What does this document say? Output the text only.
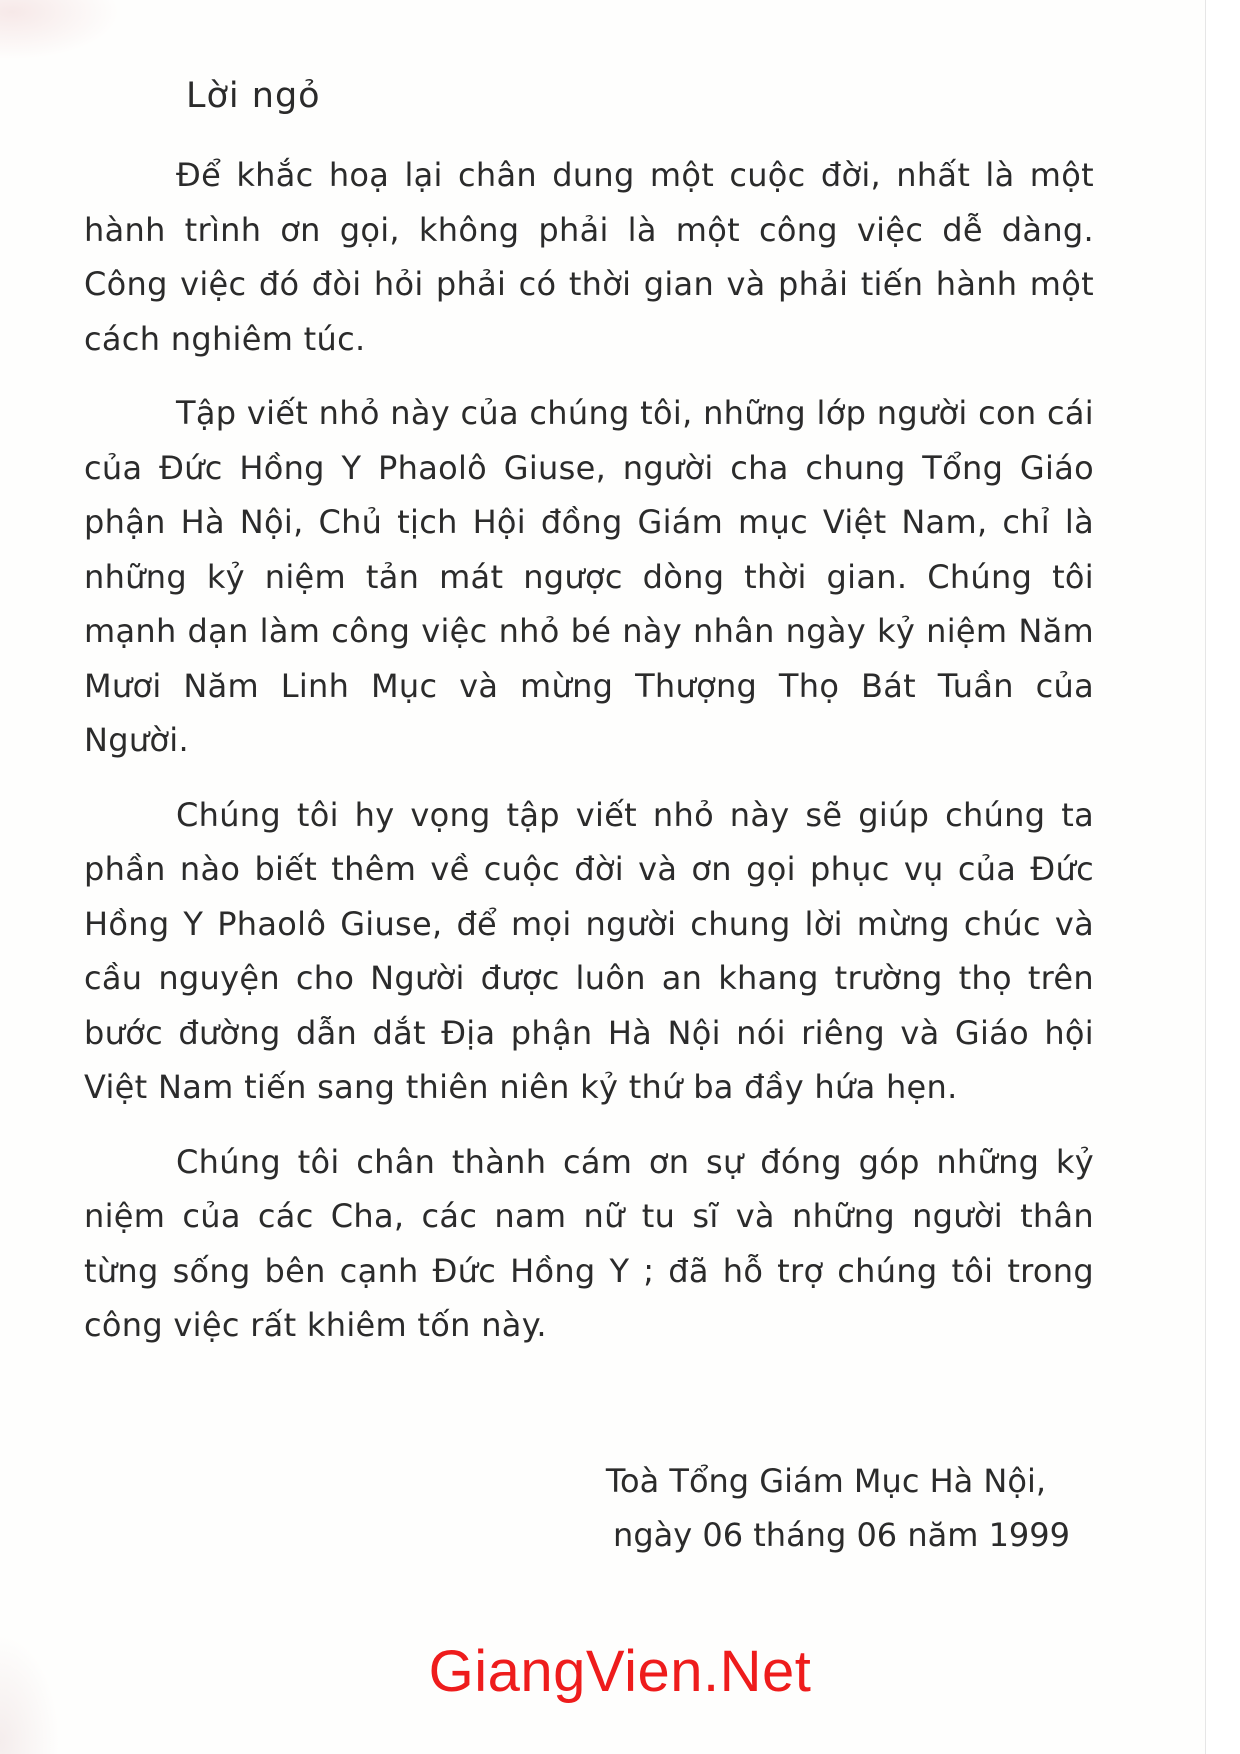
Lời ngỏ

Để khắc hoạ lại chân dung một cuộc đời, nhất là một hành trình ơn gọi, không phải là một công việc dễ dàng. Công việc đó đòi hỏi phải có thời gian và phải tiến hành một cách nghiêm túc.

Tập viết nhỏ này của chúng tôi, những lớp người con cái của Đức Hồng Y Phaolô Giuse, người cha chung Tổng Giáo phận Hà Nội, Chủ tịch Hội đồng Giám mục Việt Nam, chỉ là những kỷ niệm tản mát ngược dòng thời gian. Chúng tôi mạnh dạn làm công việc nhỏ bé này nhân ngày kỷ niệm Năm Mươi Năm Linh Mục và mừng Thượng Thọ Bát Tuần của Người.

Chúng tôi hy vọng tập viết nhỏ này sẽ giúp chúng ta phần nào biết thêm về cuộc đời và ơn gọi phục vụ của Đức Hồng Y Phaolô Giuse, để mọi người chung lời mừng chúc và cầu nguyện cho Người được luôn an khang trường thọ trên bước đường dẫn dắt Địa phận Hà Nội nói riêng và Giáo hội Việt Nam tiến sang thiên niên kỷ thứ ba đầy hứa hẹn.

Chúng tôi chân thành cám ơn sự đóng góp những kỷ niệm của các Cha, các nam nữ tu sĩ và những người thân từng sống bên cạnh Đức Hồng Y ; đã hỗ trợ chúng tôi trong công việc rất khiêm tốn này.

Toà Tổng Giám Mục Hà Nội,
ngày 06 tháng 06 năm 1999
GiangVien.Net
